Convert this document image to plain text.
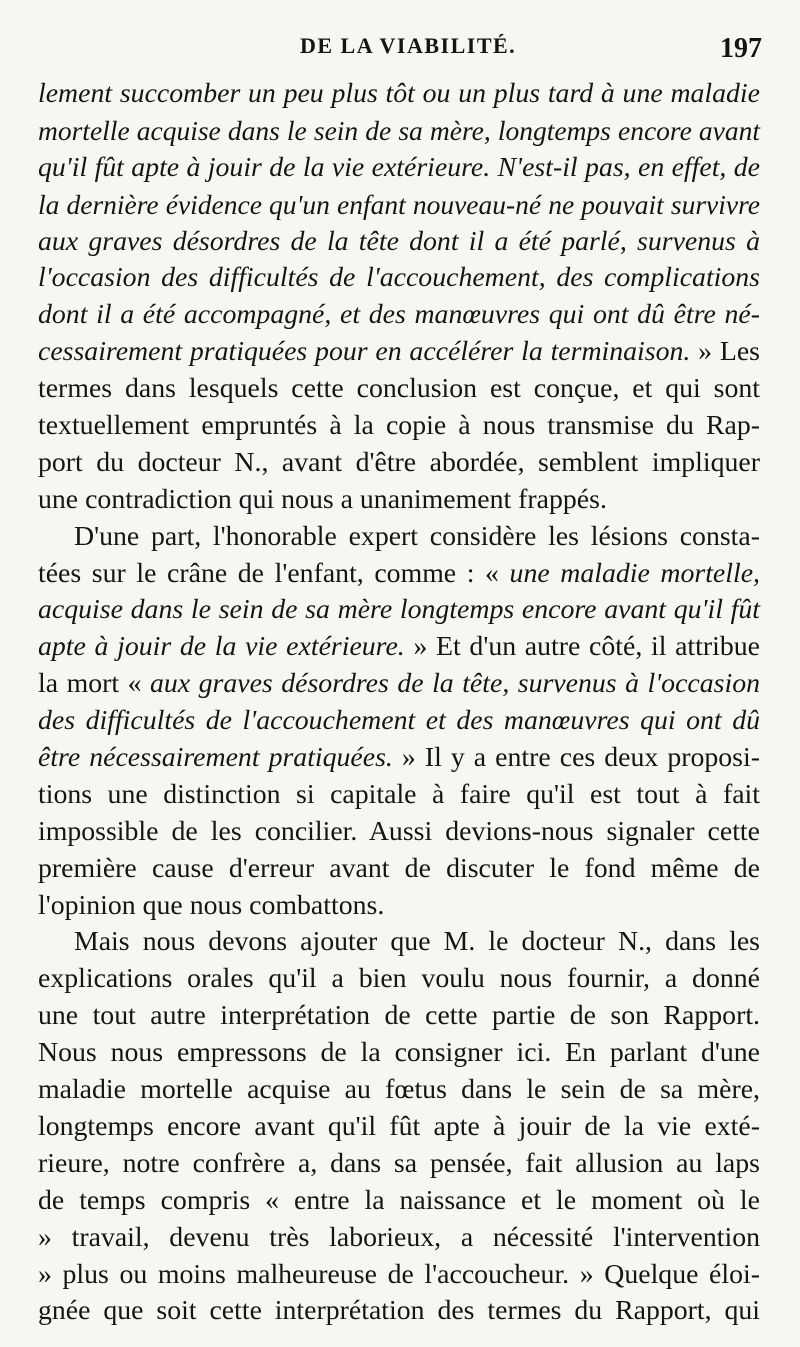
DE LA VIABILITÉ.	197
lement succomber un peu plus tôt ou un plus tard à une maladie
mortelle acquise dans le sein de sa mère, longtemps encore avant
qu'il fût apte à jouir de la vie extérieure. N'est-il pas, en effet, de
la dernière évidence qu'un enfant nouveau-né ne pouvait survivre
aux graves désordres de la tête dont il a été parlé, survenus à
l'occasion des difficultés de l'accouchement, des complications
dont il a été accompagné, et des manœuvres qui ont dû être né-
cessairement pratiquées pour en accélérer la terminaison. » Les
termes dans lesquels cette conclusion est conçue, et qui sont
textuellement empruntés à la copie à nous transmise du Rap-
port du docteur N., avant d'être abordée, semblent impliquer
une contradiction qui nous a unanimement frappés.
D'une part, l'honorable expert considère les lésions consta-
tées sur le crâne de l'enfant, comme : « une maladie mortelle,
acquise dans le sein de sa mère longtemps encore avant qu'il fût
apte à jouir de la vie extérieure. » Et d'un autre côté, il attribue
la mort « aux graves désordres de la tête, survenus à l'occasion
des difficultés de l'accouchement et des manœuvres qui ont dû
être nécessairement pratiquées. » Il y a entre ces deux proposi-
tions une distinction si capitale à faire qu'il est tout à fait
impossible de les concilier. Aussi devions-nous signaler cette
première cause d'erreur avant de discuter le fond même de
l'opinion que nous combattons.
Mais nous devons ajouter que M. le docteur N., dans les
explications orales qu'il a bien voulu nous fournir, a donné
une tout autre interprétation de cette partie de son Rapport.
Nous nous empressons de la consigner ici. En parlant d'une
maladie mortelle acquise au fœtus dans le sein de sa mère,
longtemps encore avant qu'il fût apte à jouir de la vie exté-
rieure, notre confrère a, dans sa pensée, fait allusion au laps
de temps compris « entre la naissance et le moment où le
» travail, devenu très laborieux, a nécessité l'intervention
» plus ou moins malheureuse de l'accoucheur. » Quelque éloi-
gnée que soit cette interprétation des termes du Rapport, qui
